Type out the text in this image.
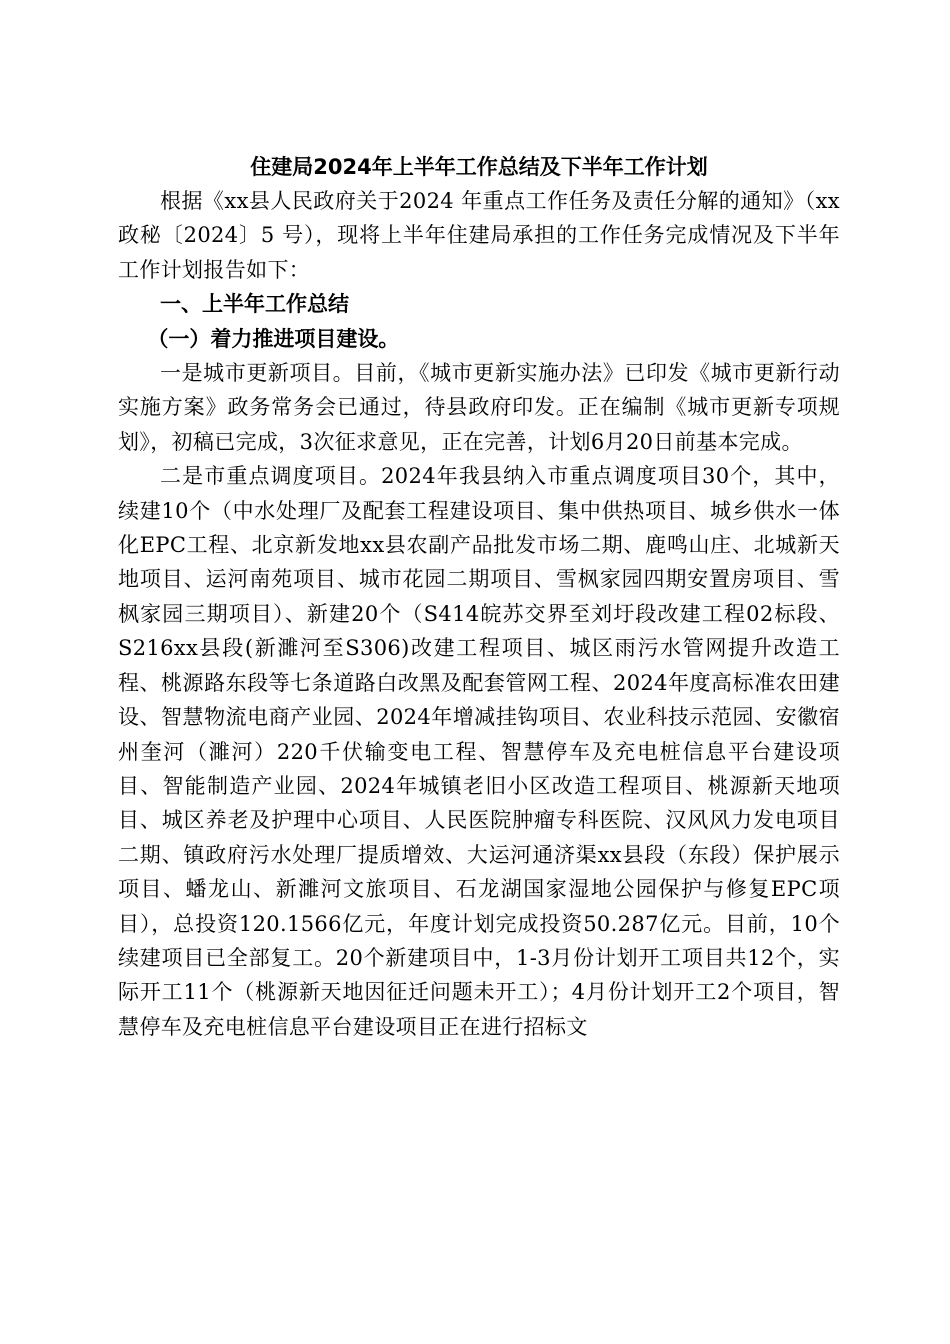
住建局2024年上半年工作总结及下半年工作计划

根据《xx县人民政府关于2024 年重点工作任务及责任分解的通知》（xx政秘〔2024〕5 号），现将上半年住建局承担的工作任务完成情况及下半年工作计划报告如下：

一、上半年工作总结

（一）着力推进项目建设。

一是城市更新项目。目前，《城市更新实施办法》已印发《城市更新行动实施方案》政务常务会已通过，待县政府印发。正在编制《城市更新专项规划》，初稿已完成，3次征求意见，正在完善，计划6月20日前基本完成。

二是市重点调度项目。2024年我县纳入市重点调度项目30个，其中，续建10个（中水处理厂及配套工程建设项目、集中供热项目、城乡供水一体化EPC工程、北京新发地xx县农副产品批发市场二期、鹿鸣山庄、北城新天地项目、运河南苑项目、城市花园二期项目、雪枫家园四期安置房项目、雪枫家园三期项目）、新建20个（S414皖苏交界至刘圩段改建工程02标段、S216xx县段(新濉河至S306)改建工程项目、城区雨污水管网提升改造工程、桃源路东段等七条道路白改黑及配套管网工程、2024年度高标准农田建设、智慧物流电商产业园、2024年增减挂钩项目、农业科技示范园、安徽宿州奎河（濉河）220千伏输变电工程、智慧停车及充电桩信息平台建设项目、智能制造产业园、2024年城镇老旧小区改造工程项目、桃源新天地项目、城区养老及护理中心项目、人民医院肿瘤专科医院、汉风风力发电项目二期、镇政府污水处理厂提质增效、大运河通济渠xx县段（东段）保护展示项目、蟠龙山、新濉河文旅项目、石龙湖国家湿地公园保护与修复EPC项目），总投资120.1566亿元，年度计划完成投资50.287亿元。目前，10个续建项目已全部复工。20个新建项目中，1-3月份计划开工项目共12个，实际开工11个（桃源新天地因征迁问题未开工）；4月份计划开工2个项目，智慧停车及充电桩信息平台建设项目正在进行招标文
